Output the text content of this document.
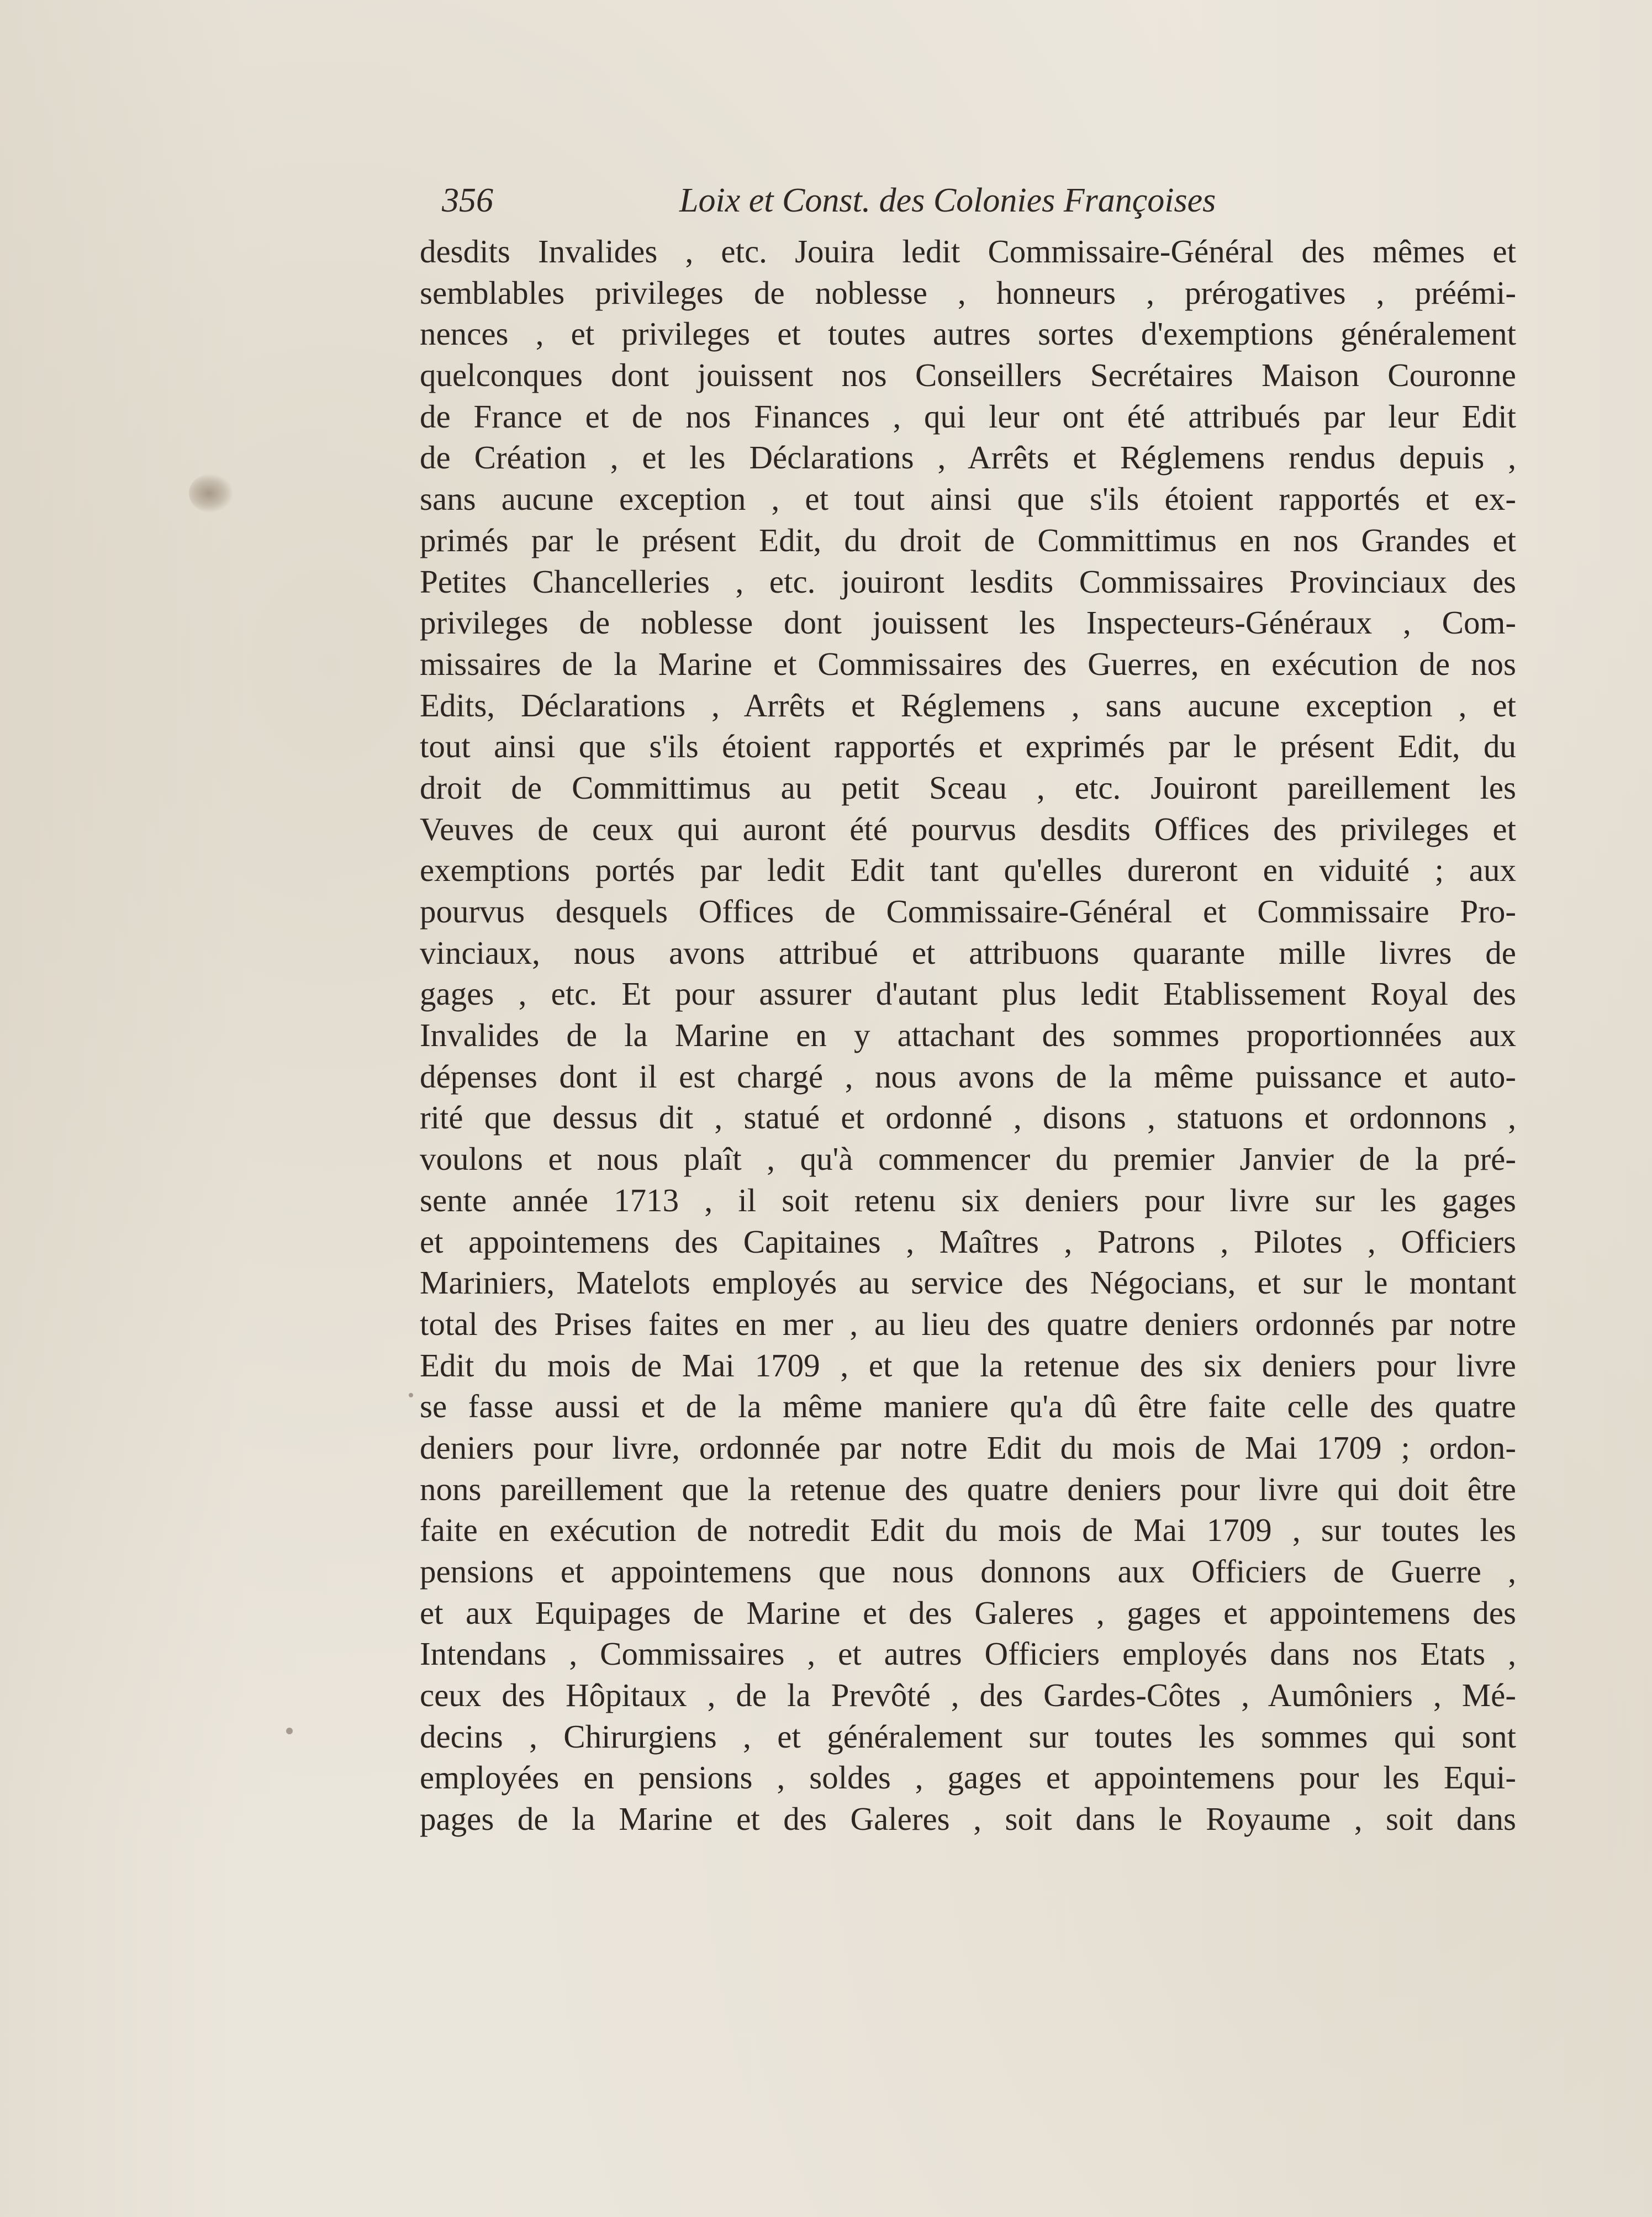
356	Loix et Const. des Colonies Françoises
desdits Invalides , etc. Jouira ledit Commissaire-Général des mêmes et
semblables privileges de noblesse , honneurs , prérogatives , préémi-
nences , et privileges et toutes autres sortes d'exemptions généralement
quelconques dont jouissent nos Conseillers Secrétaires Maison Couronne
de France et de nos Finances , qui leur ont été attribués par leur Edit
de Création , et les Déclarations , Arrêts et Réglemens rendus depuis ,
sans aucune exception , et tout ainsi que s'ils étoient rapportés et ex-
primés par le présent Edit, du droit de Committimus en nos Grandes et
Petites Chancelleries , etc. jouiront lesdits Commissaires Provinciaux des
privileges de noblesse dont jouissent les Inspecteurs-Généraux , Com-
missaires de la Marine et Commissaires des Guerres, en exécution de nos
Edits, Déclarations , Arrêts et Réglemens , sans aucune exception , et
tout ainsi que s'ils étoient rapportés et exprimés par le présent Edit, du
droit de Committimus au petit Sceau , etc. Jouiront pareillement les
Veuves de ceux qui auront été pourvus desdits Offices des privileges et
exemptions portés par ledit Edit tant qu'elles dureront en viduité ; aux
pourvus desquels Offices de Commissaire-Général et Commissaire Pro-
vinciaux, nous avons attribué et attribuons quarante mille livres de
gages , etc. Et pour assurer d'autant plus ledit Etablissement Royal des
Invalides de la Marine en y attachant des sommes proportionnées aux
dépenses dont il est chargé , nous avons de la même puissance et auto-
rité que dessus dit , statué et ordonné , disons , statuons et ordonnons ,
voulons et nous plaît , qu'à commencer du premier Janvier de la pré-
sente année 1713 , il soit retenu six deniers pour livre sur les gages
et appointemens des Capitaines , Maîtres , Patrons , Pilotes , Officiers
Mariniers, Matelots employés au service des Négocians, et sur le montant
total des Prises faites en mer , au lieu des quatre deniers ordonnés par notre
Edit du mois de Mai 1709 , et que la retenue des six deniers pour livre
se fasse aussi et de la même maniere qu'a dû être faite celle des quatre
deniers pour livre, ordonnée par notre Edit du mois de Mai 1709 ; ordon-
nons pareillement que la retenue des quatre deniers pour livre qui doit être
faite en exécution de notredit Edit du mois de Mai 1709 , sur toutes les
pensions et appointemens que nous donnons aux Officiers de Guerre ,
et aux Equipages de Marine et des Galeres , gages et appointemens des
Intendans , Commissaires , et autres Officiers employés dans nos Etats ,
ceux des Hôpitaux , de la Prevôté , des Gardes-Côtes , Aumôniers , Mé-
decins , Chirurgiens , et généralement sur toutes les sommes qui sont
employées en pensions , soldes , gages et appointemens pour les Equi-
pages de la Marine et des Galeres , soit dans le Royaume , soit dans
